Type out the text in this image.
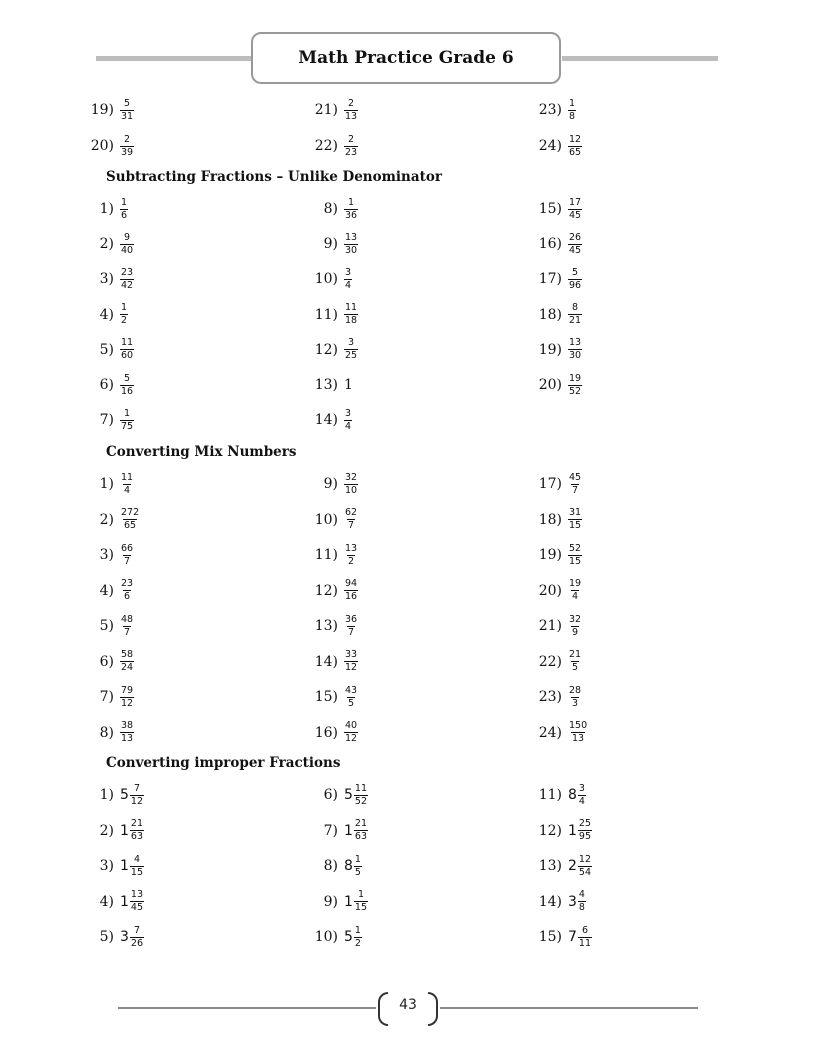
Math Practice Grade 6
$19) \frac{5}{31}$
$20) \frac{2}{39}$
$21) \frac{2}{13}$
$22) \frac{2}{23}$
$23) \frac{1}{8}$
$24) \frac{12}{65}$
Subtracting Fractions – Unlike Denominator
$1) \frac{1}{6}$
$2) \frac{9}{40}$
$3) \frac{23}{42}$
$4) \frac{1}{2}$
$5) \frac{11}{60}$
$6) \frac{5}{16}$
$7) \frac{1}{75}$
$8) \frac{1}{36}$
$9) \frac{13}{30}$
$10) \frac{3}{4}$
$11) \frac{11}{18}$
$12) \frac{3}{25}$
13) 1
$14) \frac{3}{4}$
$15) \frac{17}{45}$
$16) \frac{26}{45}$
$17) \frac{5}{96}$
$18) \frac{8}{21}$
$19) \frac{13}{30}$
$20) \frac{19}{52}$
Converting Mix Numbers
$1) \frac{11}{4}$
$2) \frac{272}{65}$
$3) \frac{66}{7}$
$4) \frac{23}{6}$
$5) \frac{48}{7}$
$6) \frac{58}{24}$
$7) \frac{79}{12}$
$8) \frac{38}{13}$
$9) \frac{32}{10}$
$10) \frac{62}{7}$
$11) \frac{13}{2}$
$12) \frac{94}{16}$
$13) \frac{36}{7}$
$14) \frac{33}{12}$
$15) \frac{43}{5}$
$16) \frac{40}{12}$
$17) \frac{45}{7}$
$18) \frac{31}{15}$
$19) \frac{52}{15}$
$20) \frac{19}{4}$
$21) \frac{32}{9}$
$22) \frac{21}{5}$
$23) \frac{28}{3}$
$24) \frac{150}{13}$
Converting improper Fractions
1) $5 \frac{7}{12}$
2) $1 \frac{21}{63}$
3) $1 \frac{4}{15}$
4) $1 \frac{13}{45}$
5) $3 \frac{7}{26}$
6) $5 \frac{11}{52}$
7) $1 \frac{21}{63}$
8) $8 \frac{1}{5}$
9) $1 \frac{1}{15}$
10) $5 \frac{1}{2}$
11) $8 \frac{3}{4}$
12) $1 \frac{25}{95}$
13) $2 \frac{12}{54}$
14) $3 \frac{4}{8}$
15) $7 \frac{6}{11}$
43
